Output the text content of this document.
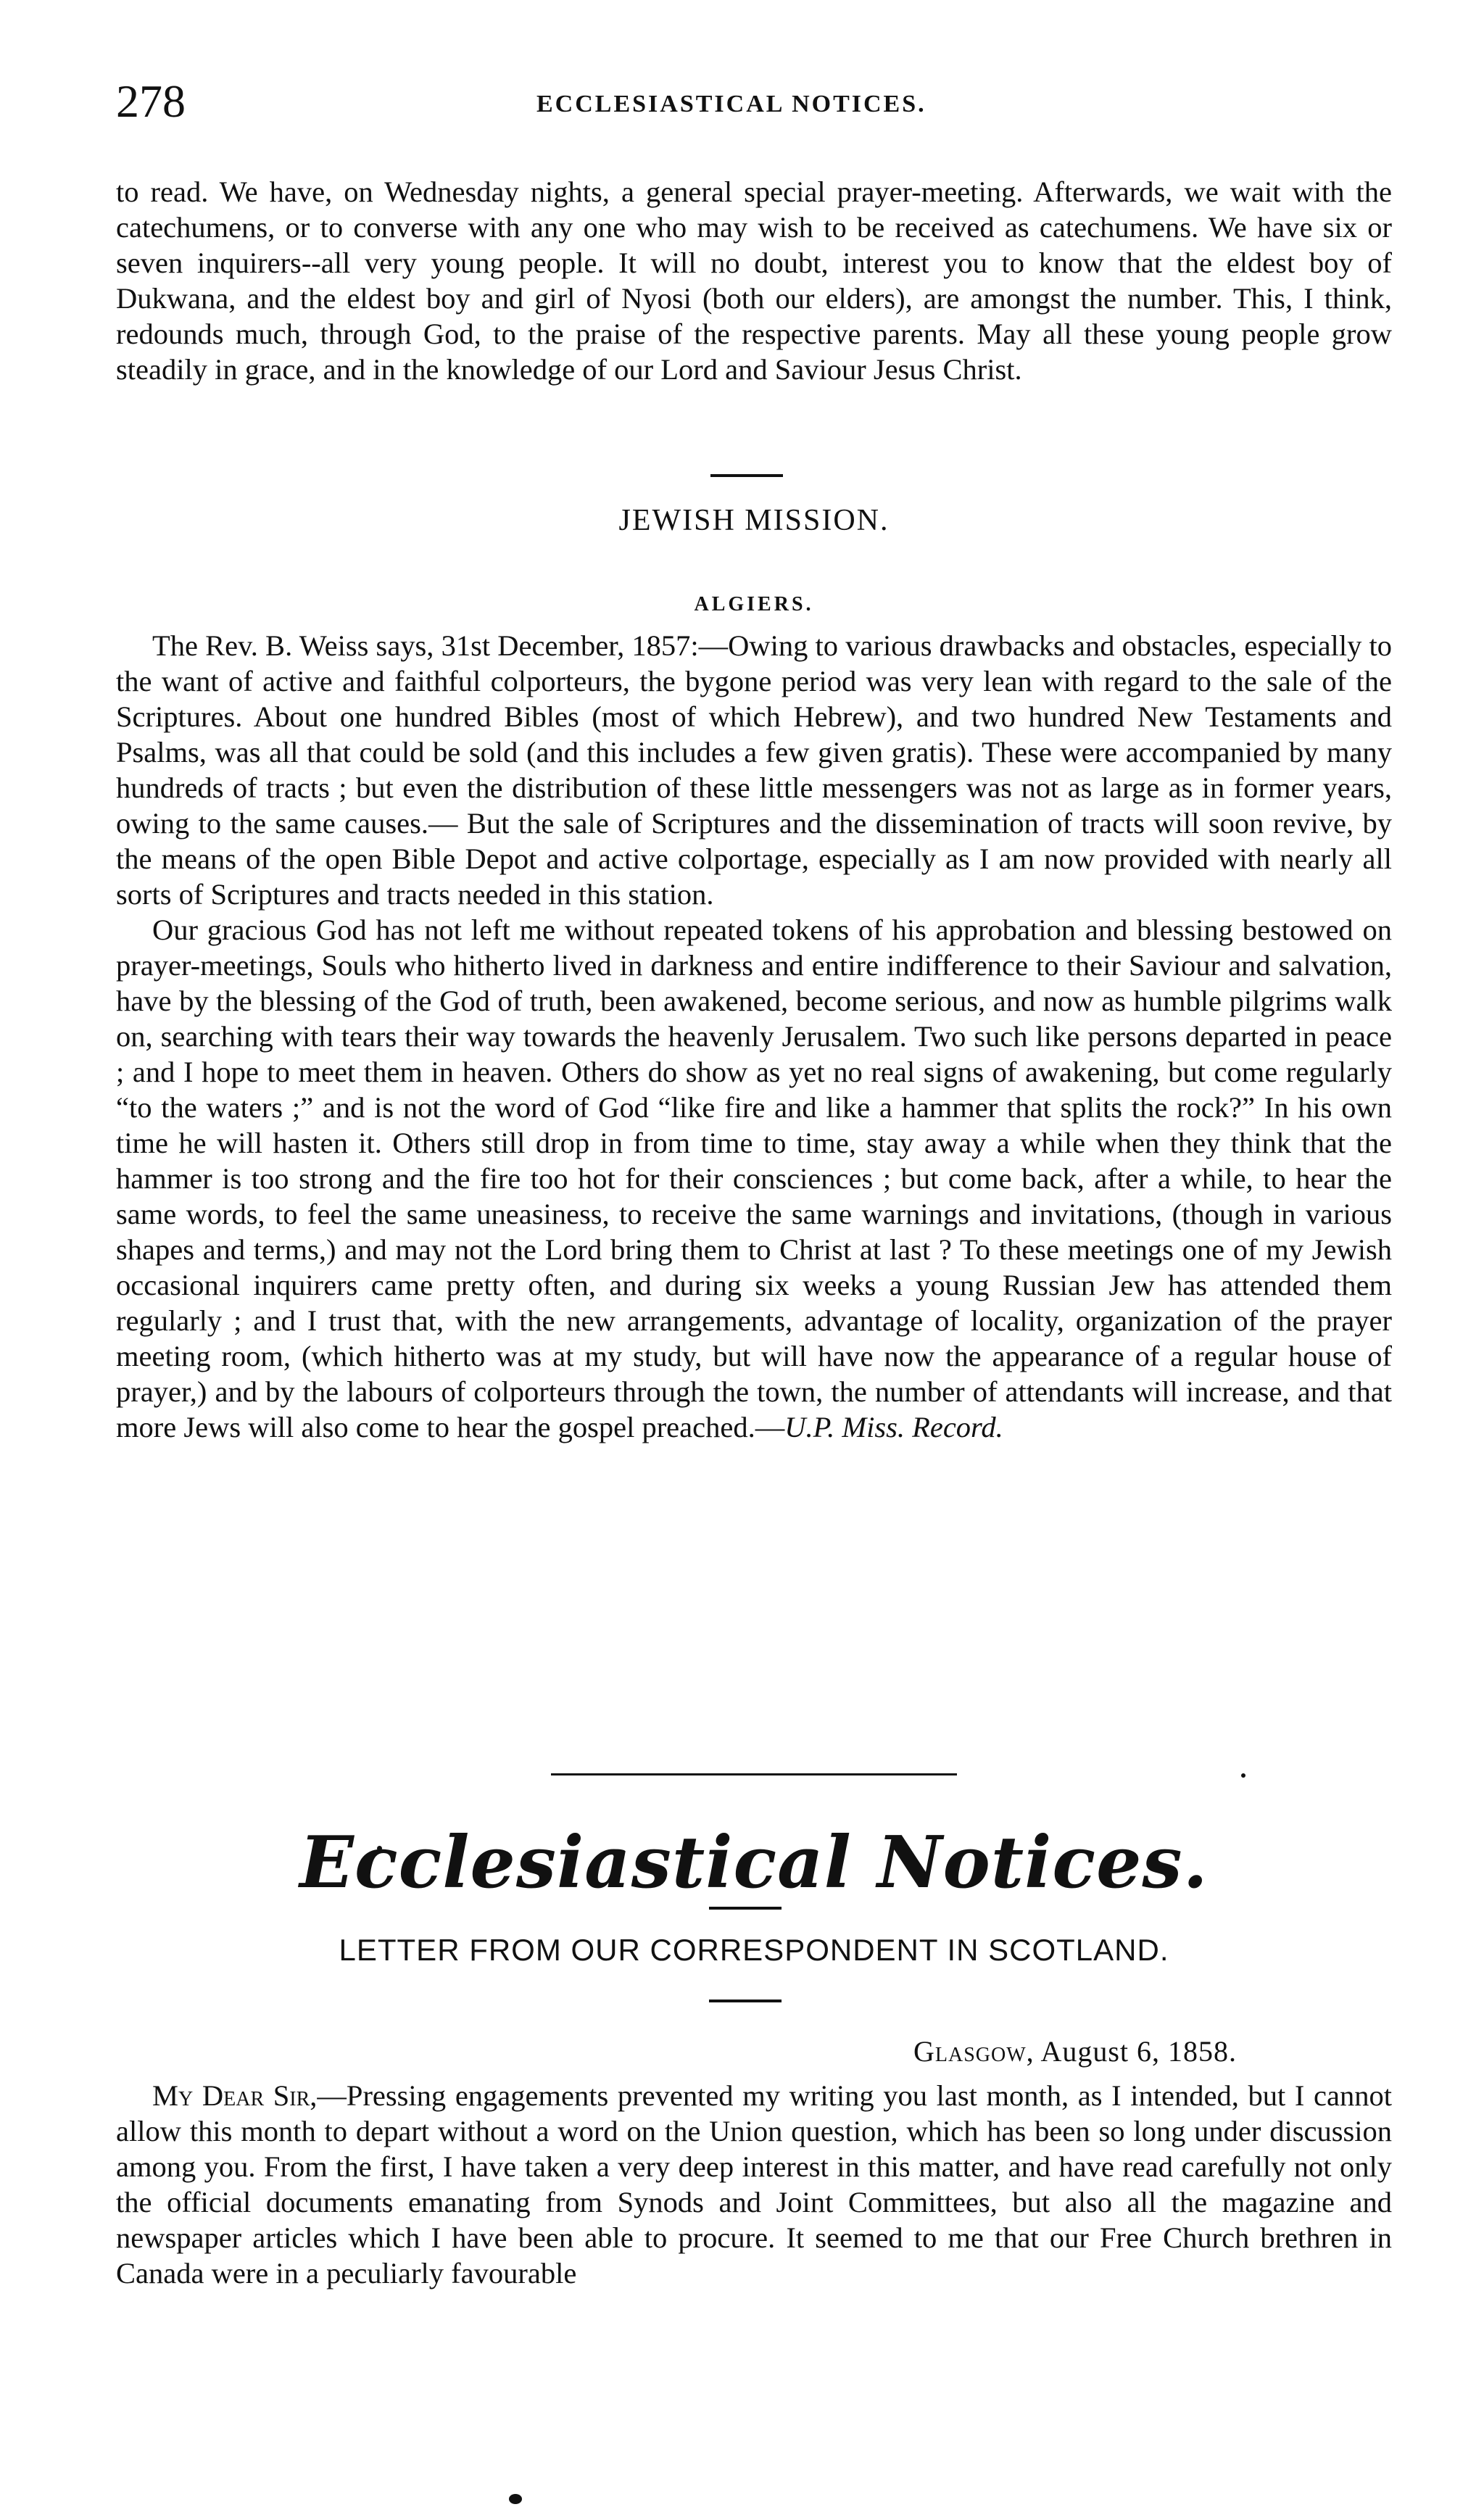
278	ECCLESIASTICAL NOTICES.

to read. We have, on Wednesday nights, a general special prayer-meeting. Afterwards, we wait with the catechumens, or to converse with any one who may wish to be received as catechumens. We have six or seven inquirers--all very young people. It will no doubt, interest you to know that the eldest boy of Dukwana, and the eldest boy and girl of Nyosi (both our elders), are amongst the number. This, I think, redounds much, through God, to the praise of the respective parents. May all these young people grow steadily in grace, and in the knowledge of our Lord and Saviour Jesus Christ.

JEWISH MISSION.
ALGIERS.

The Rev. B. Weiss says, 31st December, 1857:—Owing to various drawbacks and obstacles, especially to the want of active and faithful colporteurs, the bygone period was very lean with regard to the sale of the Scriptures. About one hundred Bibles (most of which Hebrew), and two hundred New Testaments and Psalms, was all that could be sold (and this includes a few given gratis). These were accompanied by many hundreds of tracts ; but even the distribution of these little messengers was not as large as in former years, owing to the same causes.— But the sale of Scriptures and the dissemination of tracts will soon revive, by the means of the open Bible Depot and active colportage, especially as I am now provided with nearly all sorts of Scriptures and tracts needed in this station.

Our gracious God has not left me without repeated tokens of his approbation and blessing bestowed on prayer-meetings, Souls who hitherto lived in darkness and entire indifference to their Saviour and salvation, have by the blessing of the God of truth, been awakened, become serious, and now as humble pilgrims walk on, searching with tears their way towards the heavenly Jerusalem. Two such like persons departed in peace ; and I hope to meet them in heaven. Others do show as yet no real signs of awakening, but come regularly “to the waters ;” and is not the word of God “like fire and like a hammer that splits the rock?” In his own time he will hasten it. Others still drop in from time to time, stay away a while when they think that the hammer is too strong and the fire too hot for their consciences ; but come back, after a while, to hear the same words, to feel the same uneasiness, to receive the same warnings and invitations, (though in various shapes and terms,) and may not the Lord bring them to Christ at last ? To these meetings one of my Jewish occasional inquirers came pretty often, and during six weeks a young Russian Jew has attended them regularly ; and I trust that, with the new arrangements, advantage of locality, organization of the prayer meeting room, (which hitherto was at my study, but will have now the appearance of a regular house of prayer,) and by the labours of colporteurs through the town, the number of attendants will increase, and that more Jews will also come to hear the gospel preached.—U.P. Miss. Record.

Ecclesiastical Notices.
LETTER FROM OUR CORRESPONDENT IN SCOTLAND.
Glasgow, August 6, 1858.

My Dear Sir,—Pressing engagements prevented my writing you last month, as I intended, but I cannot allow this month to depart without a word on the Union question, which has been so long under discussion among you. From the first, I have taken a very deep interest in this matter, and have read carefully not only the official documents emanating from Synods and Joint Committees, but also all the magazine and newspaper articles which I have been able to procure. It seemed to me that our Free Church brethren in Canada were in a peculiarly favourable
